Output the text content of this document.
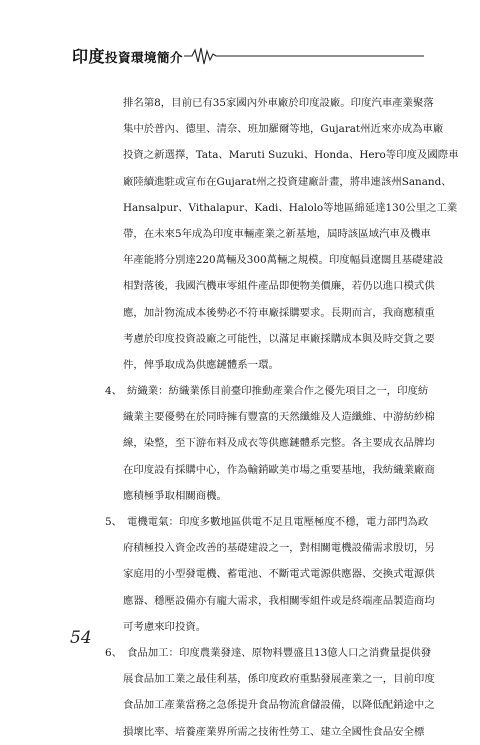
印度投資環境簡介
排名第8，目前已有35家國內外車廠於印度設廠。印度汽車產業聚落
集中於普內、德里、清奈、班加羅爾等地，Gujarat州近來亦成為車廠
投資之新選擇，Tata、Maruti Suzuki、Honda、Hero等印度及國際車
廠陸續進駐或宣布在Gujarat州之投資建廠計畫，將串連該州Sanand、
Hansalpur、Vithalapur、Kadi、Halolo等地區綿延達130公里之工業
帶，在未來5年成為印度車輛產業之新基地，屆時該區域汽車及機車
年產能將分別達220萬輛及300萬輛之規模。印度幅員遼闊且基礎建設
相對落後，我國汽機車零組件產品即便物美價廉，若仍以進口模式供
應，加計物流成本後勢必不符車廠採購要求。長期而言，我商應積重
考慮於印度投資設廠之可能性，以滿足車廠採購成本與及時交貨之要
件，俾爭取成為供應鏈體系一環。
4、 紡織業：紡織業係目前臺印推動產業合作之優先項目之一，印度紡
織業主要優勢在於同時擁有豐富的天然纖維及人造纖維、中游紡紗棉
線，染整，至下游布料及成衣等供應鏈體系完整。各主要成衣品牌均
在印度設有採購中心，作為輸銷歐美市場之重要基地，我紡織業廠商
應積極爭取相關商機。
5、 電機電氣：印度多數地區供電不足且電壓極度不穩，電力部門為政
府積極投入資金改善的基礎建設之一，對相關電機設備需求殷切，另
家庭用的小型發電機、蓄電池、不斷電式電源供應器、交換式電源供
應器、穩壓設備亦有龐大需求，我相關零組件或是終端產品製造商均
可考慮來印投資。
6、 食品加工：印度農業發達、原物料豐盛且13億人口之消費量提供發
展食品加工業之最佳利基，係印度政府重點發展產業之一，目前印度
食品加工產業當務之急係提升食品物流倉儲設備，以降低配銷途中之
損壞比率、培養產業界所需之技術性勞工、建立全國性食品安全標
54
